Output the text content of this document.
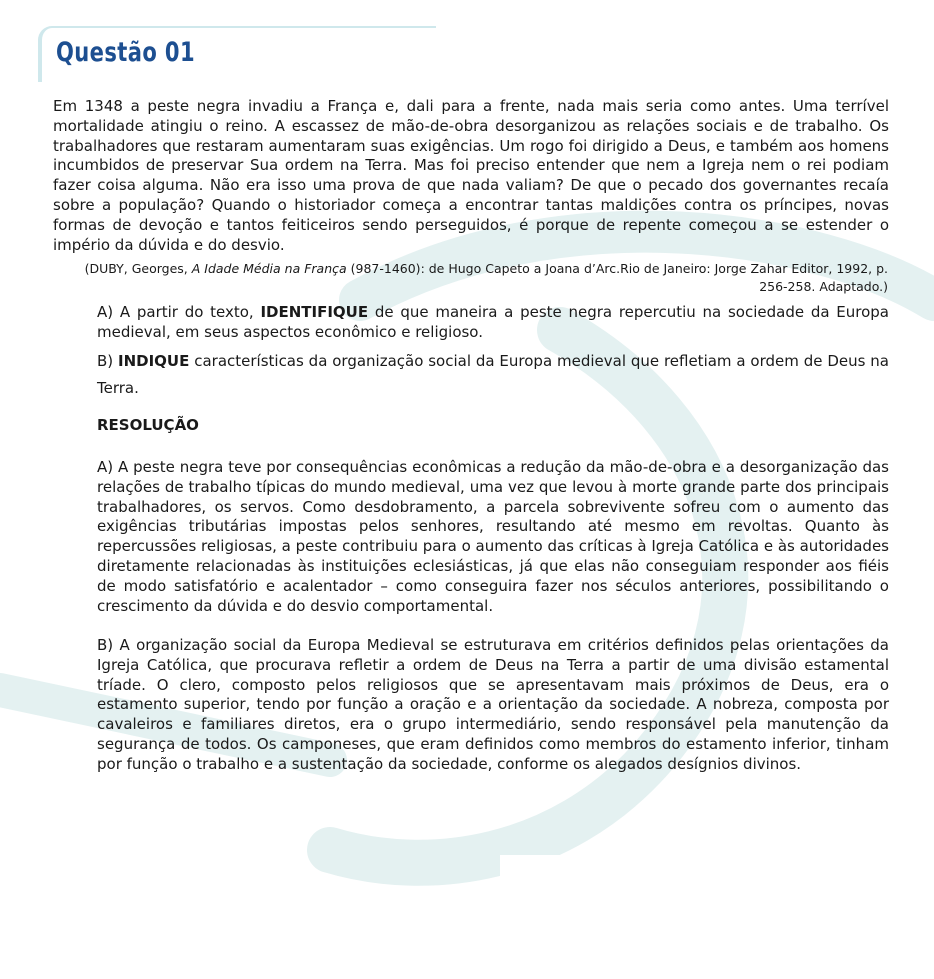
Questão 01

Em 1348 a peste negra invadiu a França e, dali para a frente, nada mais seria como antes. Uma terrível mortalidade atingiu o reino. A escassez de mão-de-obra desorganizou as relações sociais e de trabalho. Os trabalhadores que restaram aumentaram suas exigências. Um rogo foi dirigido a Deus, e também aos homens incumbidos de preservar Sua ordem na Terra. Mas foi preciso entender que nem a Igreja nem o rei podiam fazer coisa alguma. Não era isso uma prova de que nada valiam? De que o pecado dos governantes recaía sobre a população? Quando o historiador começa a encontrar tantas maldições contra os príncipes, novas formas de devoção e tantos feiticeiros sendo perseguidos, é porque de repente começou a se estender o império da dúvida e do desvio.

(DUBY, Georges, A Idade Média na França (987-1460): de Hugo Capeto a Joana d’Arc.Rio de Janeiro: Jorge Zahar Editor, 1992, p. 256-258. Adaptado.)

A) A partir do texto, IDENTIFIQUE de que maneira a peste negra repercutiu na sociedade da Europa medieval, em seus aspectos econômico e religioso.

B) INDIQUE características da organização social da Europa medieval que refletiam a ordem de Deus na Terra.

RESOLUÇÃO

A) A peste negra teve por consequências econômicas a redução da mão-de-obra e a desorganização das relações de trabalho típicas do mundo medieval, uma vez que levou à morte grande parte dos principais trabalhadores, os servos. Como desdobramento, a parcela sobrevivente sofreu com o aumento das exigências tributárias impostas pelos senhores, resultando até mesmo em revoltas. Quanto às repercussões religiosas, a peste contribuiu para o aumento das críticas à Igreja Católica e às autoridades diretamente relacionadas às instituições eclesiásticas, já que elas não conseguiam responder aos fiéis de modo satisfatório e acalentador – como conseguira fazer nos séculos anteriores, possibilitando o crescimento da dúvida e do desvio comportamental.

B) A organização social da Europa Medieval se estruturava em critérios definidos pelas orientações da Igreja Católica, que procurava refletir a ordem de Deus na Terra a partir de uma divisão estamental tríade. O clero, composto pelos religiosos que se apresentavam mais próximos de Deus, era o estamento superior, tendo por função a oração e a orientação da sociedade. A nobreza, composta por cavaleiros e familiares diretos, era o grupo intermediário, sendo responsável pela manutenção da segurança de todos. Os camponeses, que eram definidos como membros do estamento inferior, tinham por função o trabalho e a sustentação da sociedade, conforme os alegados desígnios divinos.
